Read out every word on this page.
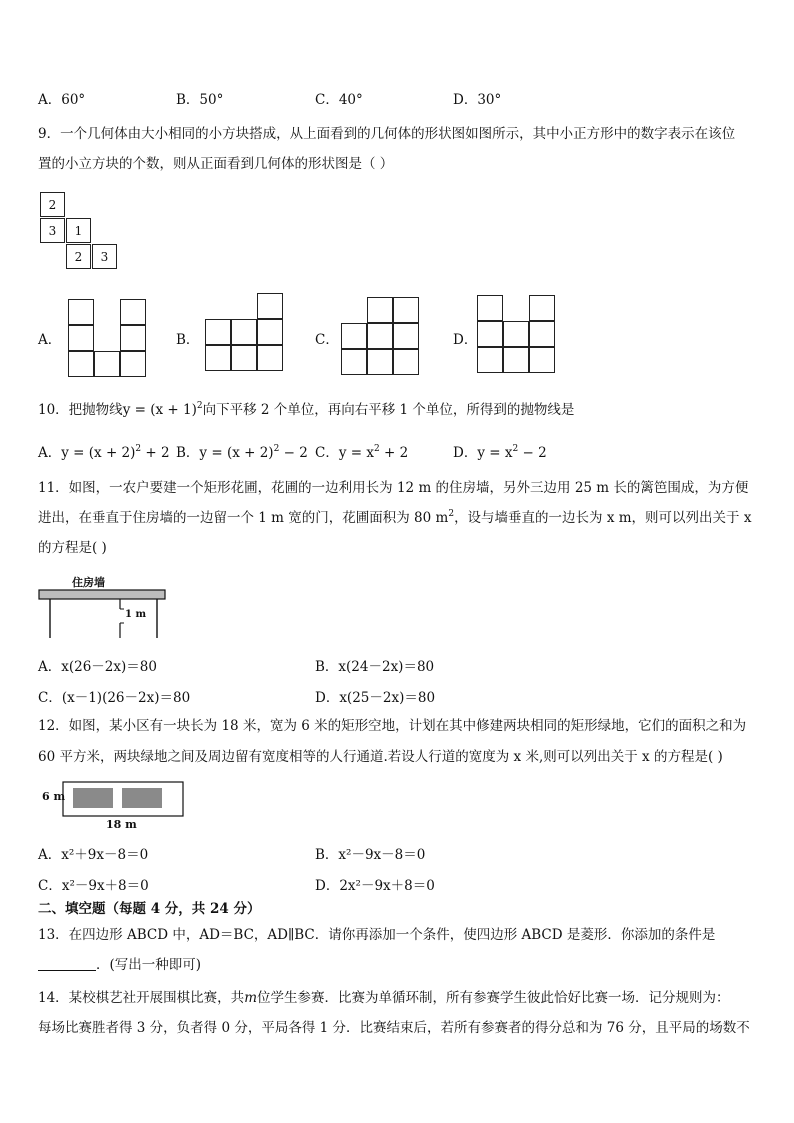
A．60°	B．50°	C．40°	D．30°
9．一个几何体由大小相同的小方块搭成，从上面看到的几何体的形状图如图所示，其中小正方形中的数字表示在该位
置的小立方块的个数，则从正面看到几何体的形状图是（ ）
2
3	1
2	3
A．	B．	C．	D．
10．把抛物线$y = (x + 1)^2$向下平移 2 个单位，再向右平移 1 个单位，所得到的抛物线是
A．$y = (x + 2)^2 + 2$ B．$y = (x + 2)^2 - 2$ C．$y = x^2 + 2$	D．$y = x^2 - 2$
11．如图，一农户要建一个矩形花圃，花圃的一边利用长为 12 m 的住房墙，另外三边用 25 m 长的篱笆围成，为方便
进出，在垂直于住房墙的一边留一个 1 m 宽的门，花圃面积为 80 $m^2$，设与墙垂直的一边长为 x m，则可以列出关于 x
的方程是( )
住房墙
1 m
A．x(26－2x)＝80	B．x(24－2x)＝80
C．(x－1)(26－2x)＝80	D．x(25－2x)＝80
12．如图，某小区有一块长为 18 米，宽为 6 米的矩形空地，计划在其中修建两块相同的矩形绿地，它们的面积之和为
60 平方米，两块绿地之间及周边留有宽度相等的人行通道.若设人行道的宽度为 x 米,则可以列出关于 x 的方程是( )
6 m
18 m
A．x²＋9x－8＝0	B．x²－9x－8＝0
C．x²－9x＋8＝0	D．2x²－9x＋8＝0
二、填空题（每题 4 分，共 24 分）
13．在四边形 ABCD 中，AD＝BC，AD∥BC．请你再添加一个条件，使四边形 ABCD 是菱形．你添加的条件是
．(写出一种即可)
14．某校棋艺社开展围棋比赛，共m位学生参赛．比赛为单循环制，所有参赛学生彼此恰好比赛一场．记分规则为：
每场比赛胜者得 3 分，负者得 0 分，平局各得 1 分．比赛结束后，若所有参赛者的得分总和为 76 分，且平局的场数不
